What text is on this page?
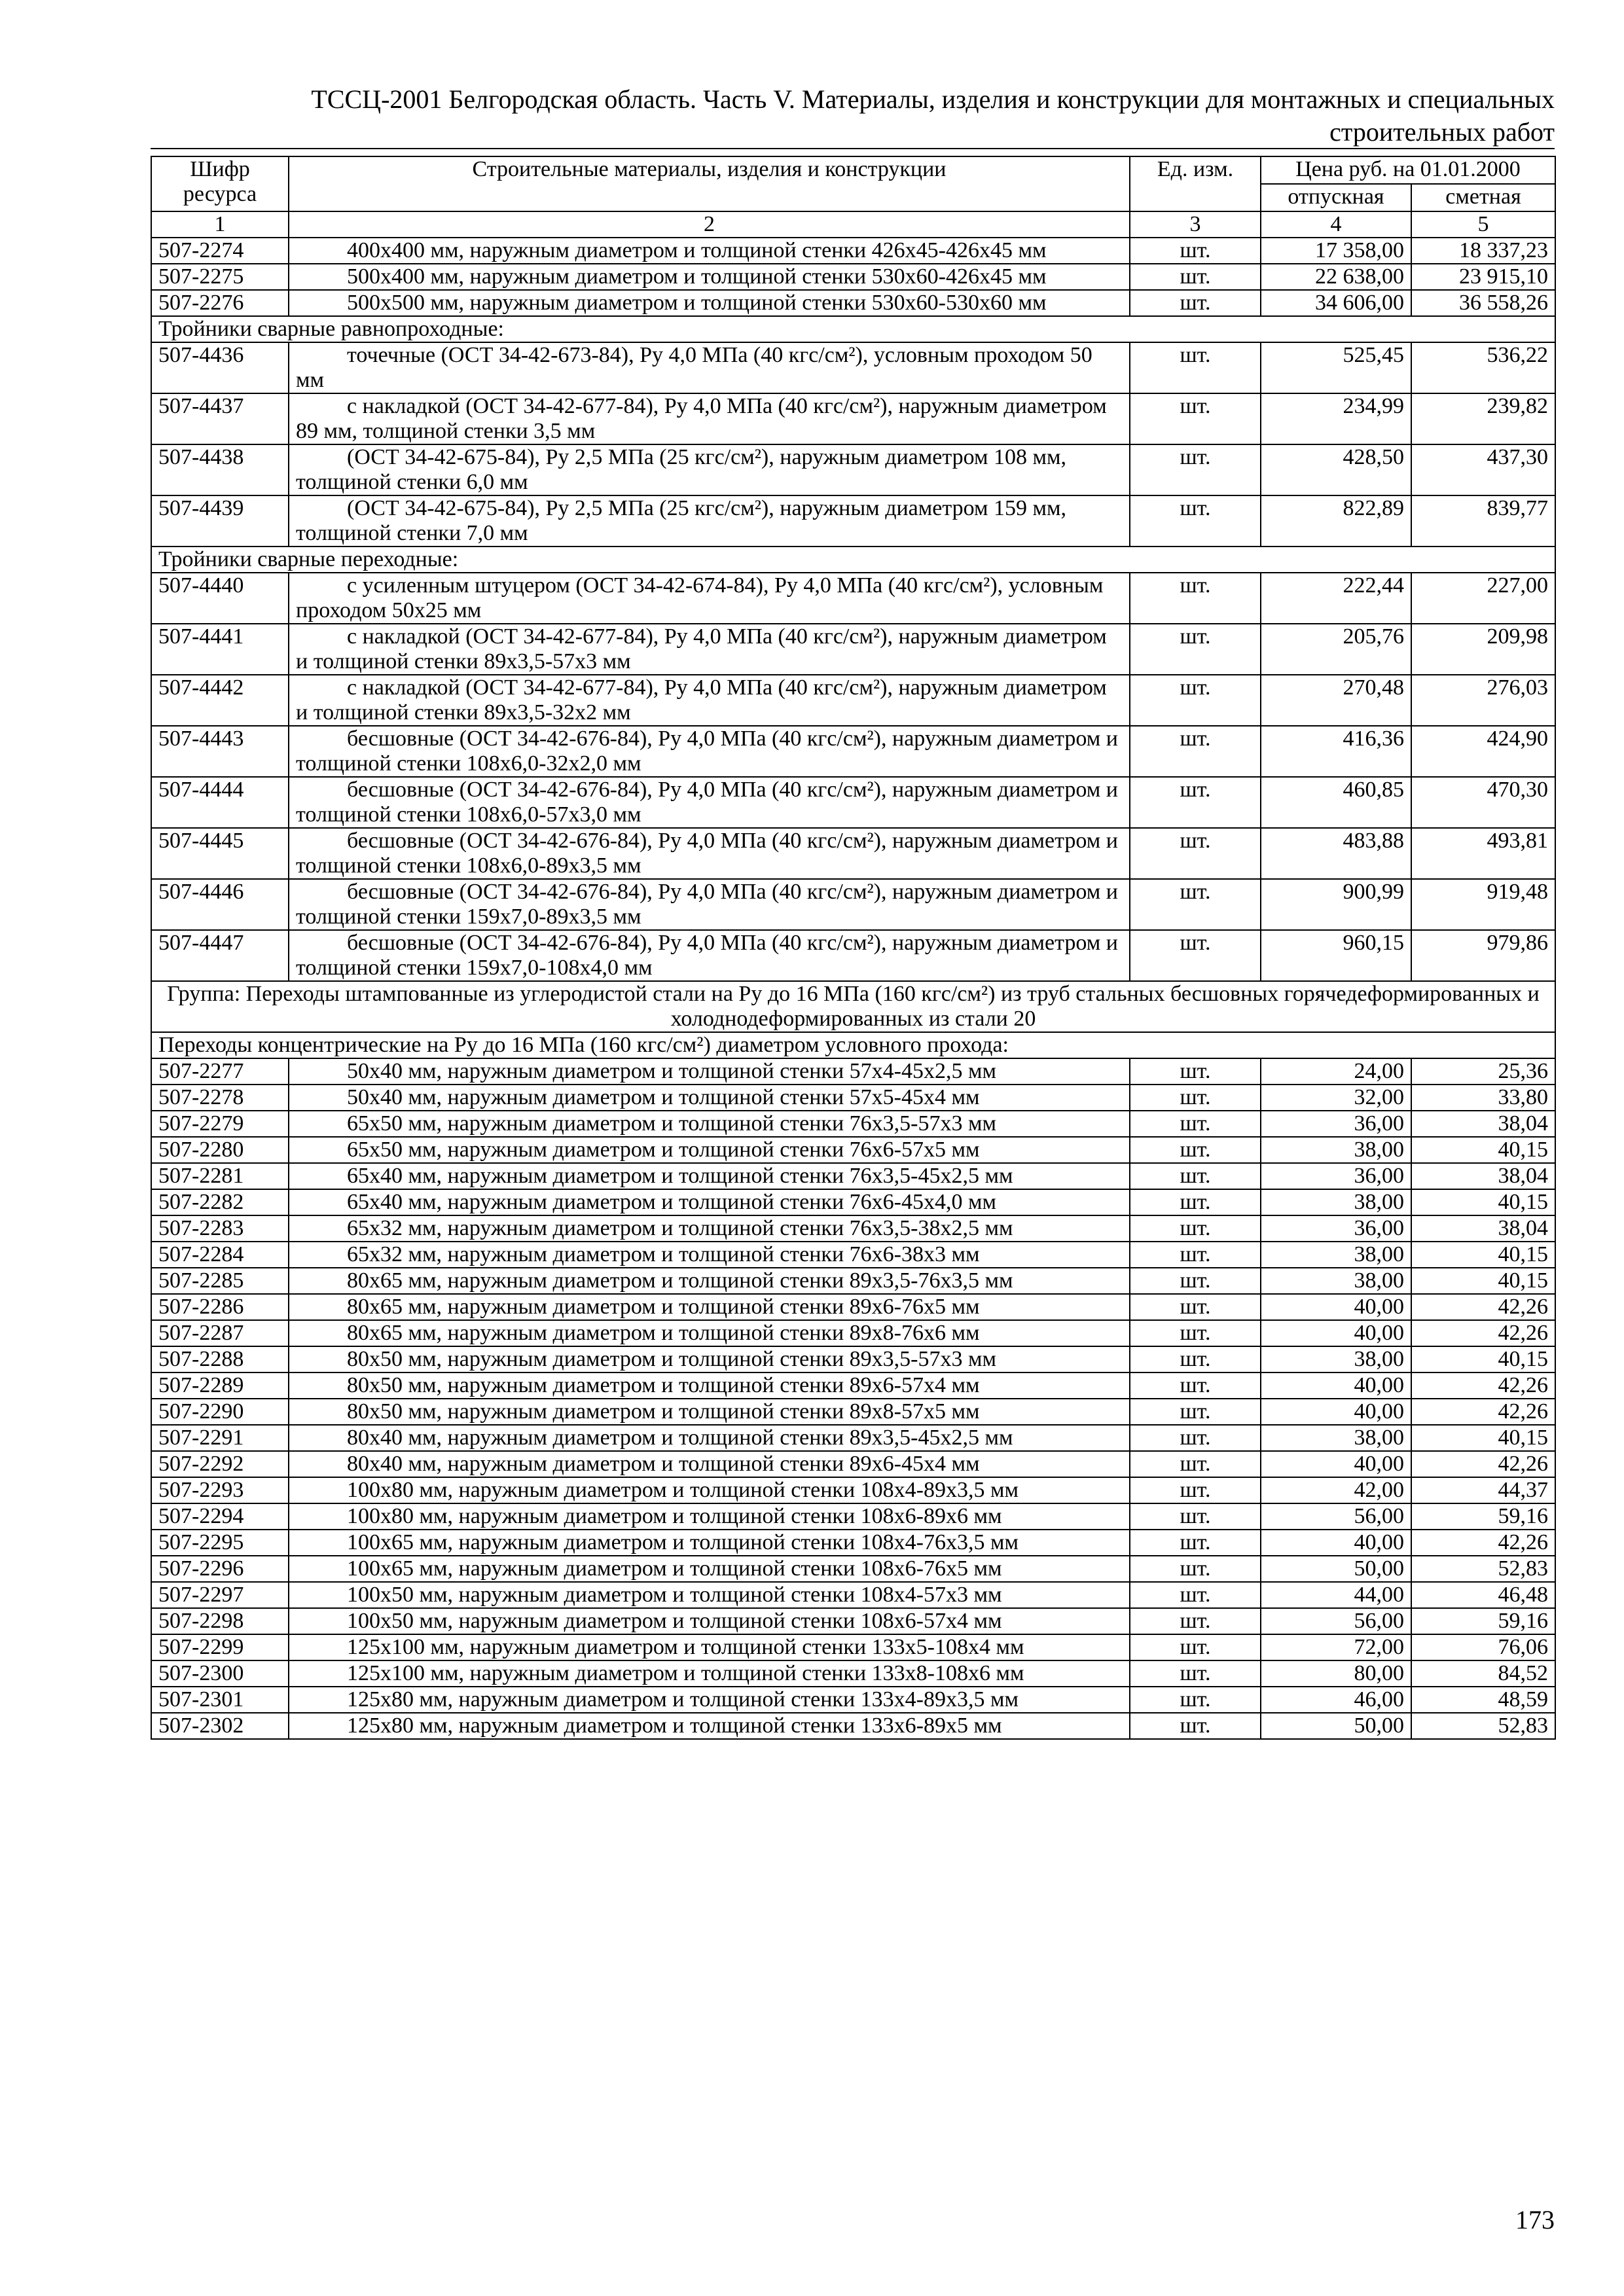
ТССЦ-2001 Белгородская область. Часть V. Материалы, изделия и конструкции для монтажных и специальных
строительных работ
Шифр ресурса	Строительные материалы, изделия и конструкции	Ед. изм.	Цена руб. на 01.01.2000	
			отпускная	сметная
1	2	3	4	5
507-2274	400x400 мм, наружным диаметром и толщиной стенки 426x45-426x45 мм	шт.	17 358,00	18 337,23
507-2275	500x400 мм, наружным диаметром и толщиной стенки 530x60-426x45 мм	шт.	22 638,00	23 915,10
507-2276	500x500 мм, наружным диаметром и толщиной стенки 530x60-530x60 мм	шт.	34 606,00	36 558,26
Тройники сварные равнопроходные:				
507-4436	точечные (ОСТ 34-42-673-84), Ру 4,0 МПа (40 кгс/см²), условным проходом 50 мм	шт.	525,45	536,22
507-4437	с накладкой (ОСТ 34-42-677-84), Ру 4,0 МПа (40 кгс/см²), наружным диаметром 89 мм, толщиной стенки 3,5 мм	шт.	234,99	239,82
507-4438	(ОСТ 34-42-675-84), Ру 2,5 МПа (25 кгс/см²), наружным диаметром 108 мм, толщиной стенки 6,0 мм	шт.	428,50	437,30
507-4439	(ОСТ 34-42-675-84), Ру 2,5 МПа (25 кгс/см²), наружным диаметром 159 мм, толщиной стенки 7,0 мм	шт.	822,89	839,77
Тройники сварные переходные:				
507-4440	с усиленным штуцером (ОСТ 34-42-674-84), Ру 4,0 МПа (40 кгс/см²), условным проходом 50x25 мм	шт.	222,44	227,00
507-4441	с накладкой (ОСТ 34-42-677-84), Ру 4,0 МПа (40 кгс/см²), наружным диаметром и толщиной стенки 89x3,5-57x3 мм	шт.	205,76	209,98
507-4442	с накладкой (ОСТ 34-42-677-84), Ру 4,0 МПа (40 кгс/см²), наружным диаметром и толщиной стенки 89x3,5-32x2 мм	шт.	270,48	276,03
507-4443	бесшовные (ОСТ 34-42-676-84), Ру 4,0 МПа (40 кгс/см²), наружным диаметром и толщиной стенки 108x6,0-32x2,0 мм	шт.	416,36	424,90
507-4444	бесшовные (ОСТ 34-42-676-84), Ру 4,0 МПа (40 кгс/см²), наружным диаметром и толщиной стенки 108x6,0-57x3,0 мм	шт.	460,85	470,30
507-4445	бесшовные (ОСТ 34-42-676-84), Ру 4,0 МПа (40 кгс/см²), наружным диаметром и толщиной стенки 108x6,0-89x3,5 мм	шт.	483,88	493,81
507-4446	бесшовные (ОСТ 34-42-676-84), Ру 4,0 МПа (40 кгс/см²), наружным диаметром и толщиной стенки 159x7,0-89x3,5 мм	шт.	900,99	919,48
507-4447	бесшовные (ОСТ 34-42-676-84), Ру 4,0 МПа (40 кгс/см²), наружным диаметром и толщиной стенки 159x7,0-108x4,0 мм	шт.	960,15	979,86
Группа: Переходы штампованные из углеродистой стали на Ру до 16 МПа (160 кгс/см²) из труб стальных бесшовных горячедеформированных и холоднодеформированных из стали 20				
Переходы концентрические на Ру до 16 МПа (160 кгс/см²) диаметром условного прохода:				
507-2277	50x40 мм, наружным диаметром и толщиной стенки 57x4-45x2,5 мм	шт.	24,00	25,36
507-2278	50x40 мм, наружным диаметром и толщиной стенки 57x5-45x4 мм	шт.	32,00	33,80
507-2279	65x50 мм, наружным диаметром и толщиной стенки 76x3,5-57x3 мм	шт.	36,00	38,04
507-2280	65x50 мм, наружным диаметром и толщиной стенки 76x6-57x5 мм	шт.	38,00	40,15
507-2281	65x40 мм, наружным диаметром и толщиной стенки 76x3,5-45x2,5 мм	шт.	36,00	38,04
507-2282	65x40 мм, наружным диаметром и толщиной стенки 76x6-45x4,0 мм	шт.	38,00	40,15
507-2283	65x32 мм, наружным диаметром и толщиной стенки 76x3,5-38x2,5 мм	шт.	36,00	38,04
507-2284	65x32 мм, наружным диаметром и толщиной стенки 76x6-38x3 мм	шт.	38,00	40,15
507-2285	80x65 мм, наружным диаметром и толщиной стенки 89x3,5-76x3,5 мм	шт.	38,00	40,15
507-2286	80x65 мм, наружным диаметром и толщиной стенки 89x6-76x5 мм	шт.	40,00	42,26
507-2287	80x65 мм, наружным диаметром и толщиной стенки 89x8-76x6 мм	шт.	40,00	42,26
507-2288	80x50 мм, наружным диаметром и толщиной стенки 89x3,5-57x3 мм	шт.	38,00	40,15
507-2289	80x50 мм, наружным диаметром и толщиной стенки 89x6-57x4 мм	шт.	40,00	42,26
507-2290	80x50 мм, наружным диаметром и толщиной стенки 89x8-57x5 мм	шт.	40,00	42,26
507-2291	80x40 мм, наружным диаметром и толщиной стенки 89x3,5-45x2,5 мм	шт.	38,00	40,15
507-2292	80x40 мм, наружным диаметром и толщиной стенки 89x6-45x4 мм	шт.	40,00	42,26
507-2293	100x80 мм, наружным диаметром и толщиной стенки 108x4-89x3,5 мм	шт.	42,00	44,37
507-2294	100x80 мм, наружным диаметром и толщиной стенки 108x6-89x6 мм	шт.	56,00	59,16
507-2295	100x65 мм, наружным диаметром и толщиной стенки 108x4-76x3,5 мм	шт.	40,00	42,26
507-2296	100x65 мм, наружным диаметром и толщиной стенки 108x6-76x5 мм	шт.	50,00	52,83
507-2297	100x50 мм, наружным диаметром и толщиной стенки 108x4-57x3 мм	шт.	44,00	46,48
507-2298	100x50 мм, наружным диаметром и толщиной стенки 108x6-57x4 мм	шт.	56,00	59,16
507-2299	125x100 мм, наружным диаметром и толщиной стенки 133x5-108x4 мм	шт.	72,00	76,06
507-2300	125x100 мм, наружным диаметром и толщиной стенки 133x8-108x6 мм	шт.	80,00	84,52
507-2301	125x80 мм, наружным диаметром и толщиной стенки 133x4-89x3,5 мм	шт.	46,00	48,59
507-2302	125x80 мм, наружным диаметром и толщиной стенки 133x6-89x5 мм	шт.	50,00	52,83
173
